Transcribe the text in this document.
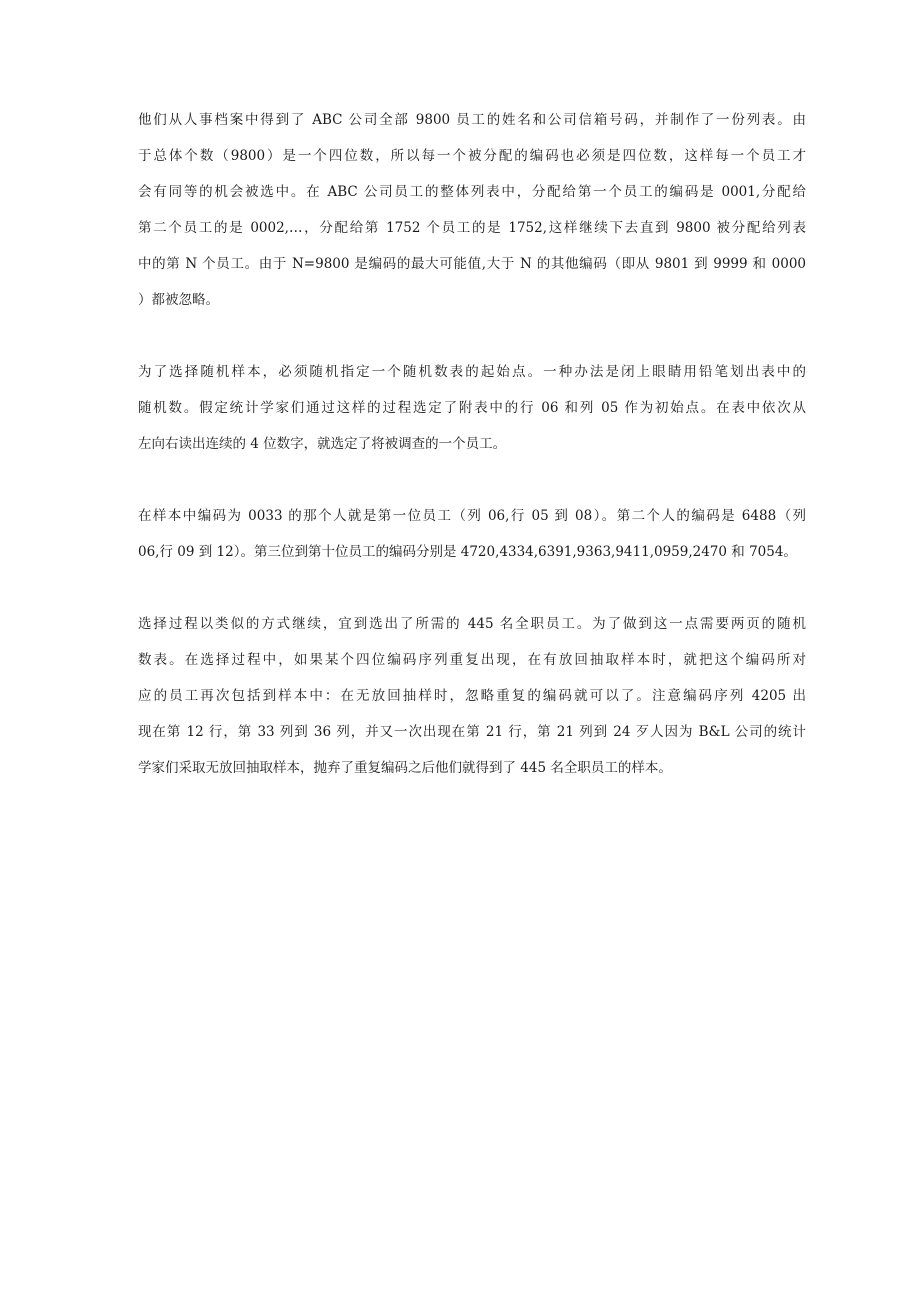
他们从人事档案中得到了 ABC 公司全部 9800 员工的姓名和公司信箱号码，并制作了一份列表。由
于总体个数（9800）是一个四位数，所以每一个被分配的编码也必须是四位数，这样每一个员工才
会有同等的机会被选中。在 ABC 公司员工的整体列表中，分配给第一个员工的编码是 0001,分配给
第二个员工的是 0002,…，分配给第 1752 个员工的是 1752,这样继续下去直到 9800 被分配给列表
中的第 N 个员工。由于 N=9800 是编码的最大可能值,大于 N 的其他编码（即从 9801 到 9999 和 0000
）都被忽略。
为了选择随机样本，必须随机指定一个随机数表的起始点。一种办法是闭上眼睛用铅笔划出表中的
随机数。假定统计学家们通过这样的过程选定了附表中的行 06 和列 05 作为初始点。在表中依次从
左向右读出连续的 4 位数字，就选定了将被调查的一个员工。
在样本中编码为 0033 的那个人就是第一位员工（列 06,行 05 到 08）。第二个人的编码是 6488（列
06,行 09 到 12）。第三位到第十位员工的编码分别是 4720,4334,6391,9363,9411,0959,2470 和 7054。
选择过程以类似的方式继续，宜到选出了所需的 445 名全职员工。为了做到这一点需要两页的随机
数表。在选择过程中，如果某个四位编码序列重复出现，在有放回抽取样本时，就把这个编码所对
应的员工再次包括到样本中：在无放回抽样时，忽略重复的编码就可以了。注意编码序列 4205 出
现在第 12 行，第 33 列到 36 列，并又一次出现在第 21 行，第 21 列到 24 歹人因为 B&L 公司的统计
学家们采取无放回抽取样本，抛弃了重复编码之后他们就得到了 445 名全职员工的样本。
